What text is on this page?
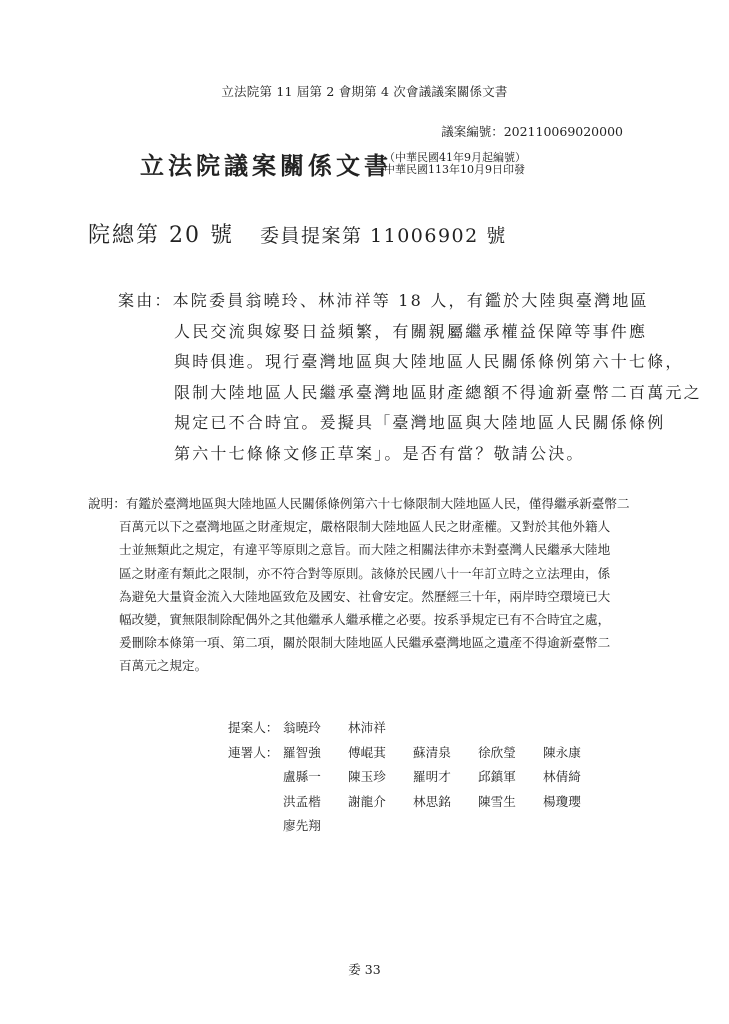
立法院第 11 屆第 2 會期第 4 次會議議案關係文書
議案編號：202110069020000
立法院議案關係文書
（中華民國41年9月起編號）
中華民國113年10月9日印發
院總第 20 號 委員提案第 11006902 號
案由：本院委員翁曉玲、林沛祥等 18 人，有鑑於大陸與臺灣地區
人民交流與嫁娶日益頻繁，有關親屬繼承權益保障等事件應
與時俱進。現行臺灣地區與大陸地區人民關係條例第六十七條，
限制大陸地區人民繼承臺灣地區財產總額不得逾新臺幣二百萬元之
規定已不合時宜。爰擬具「臺灣地區與大陸地區人民關係條例
第六十七條條文修正草案」。是否有當？敬請公決。
說明：有鑑於臺灣地區與大陸地區人民關係條例第六十七條限制大陸地區人民，僅得繼承新臺幣二
百萬元以下之臺灣地區之財產規定，嚴格限制大陸地區人民之財產權。又對於其他外籍人
士並無類此之規定，有違平等原則之意旨。而大陸之相關法律亦未對臺灣人民繼承大陸地
區之財產有類此之限制，亦不符合對等原則。該條於民國八十一年訂立時之立法理由，係
為避免大量資金流入大陸地區致危及國安、社會安定。然歷經三十年，兩岸時空環境已大
幅改變，實無限制除配偶外之其他繼承人繼承權之必要。按系爭規定已有不合時宜之處，
爰刪除本條第一項、第二項，關於限制大陸地區人民繼承臺灣地區之遺產不得逾新臺幣二
百萬元之規定。
提案人： 翁曉玲 林沛祥
連署人： 羅智強 傅崐萁 蘇清泉 徐欣瑩 陳永康
盧縣一 陳玉珍 羅明才 邱鎮軍 林倩綺
洪孟楷 謝龍介 林思銘 陳雪生 楊瓊瓔
廖先翔
委 33
